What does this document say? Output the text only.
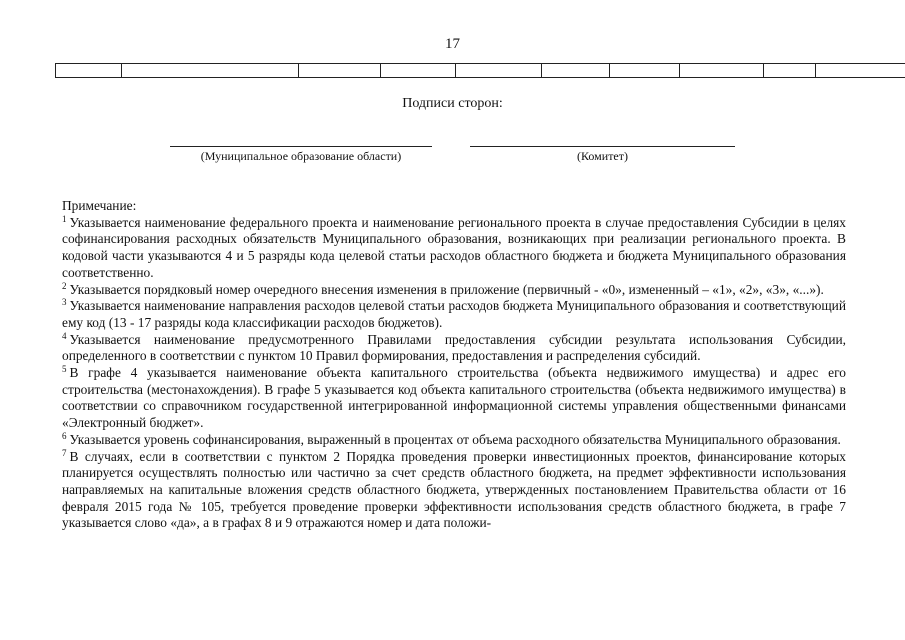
17

Подписи сторон:
(Муниципальное образование области)	(Комитет)

Примечание:

$^1$ Указывается наименование федерального проекта и наименование регионального проекта в случае предоставления Субсидии в целях софинансирования расходных обязательств Муниципального образования, возникающих при реализации регионального проекта. В кодовой части указываются 4 и 5 разряды кода целевой статьи расходов областного бюджета и бюджета Муниципального образования соответственно.

$^2$ Указывается порядковый номер очередного внесения изменения в приложение (первичный - «0», измененный – «1», «2», «3», «...»).

$^3$ Указывается наименование направления расходов целевой статьи расходов бюджета Муниципального образования и соответствующий ему код (13 - 17 разряды кода классификации расходов бюджетов).

$^4$ Указывается наименование предусмотренного Правилами предоставления субсидии результата использования Субсидии, определенного в соответствии с пунктом 10 Правил формирования, предоставления и распределения субсидий.

$^5$ В графе 4 указывается наименование объекта капитального строительства (объекта недвижимого имущества) и адрес его строительства (местонахождения). В графе 5 указывается код объекта капитального строительства (объекта недвижимого имущества) в соответствии со справочником государственной интегрированной информационной системы управления общественными финансами «Электронный бюджет».

$^6$ Указывается уровень софинансирования, выраженный в процентах от объема расходного обязательства Муниципального образования.

$^7$ В случаях, если в соответствии с пунктом 2 Порядка проведения проверки инвестиционных проектов, финансирование которых планируется осуществлять полностью или частично за счет средств областного бюджета, на предмет эффективности использования направляемых на капитальные вложения средств областного бюджета, утвержденных постановлением Правительства области от 16 февраля 2015 года № 105, требуется проведение проверки эффективности использования средств областного бюджета, в графе 7 указывается слово «да», а в графах 8 и 9 отражаются номер и дата положи-
